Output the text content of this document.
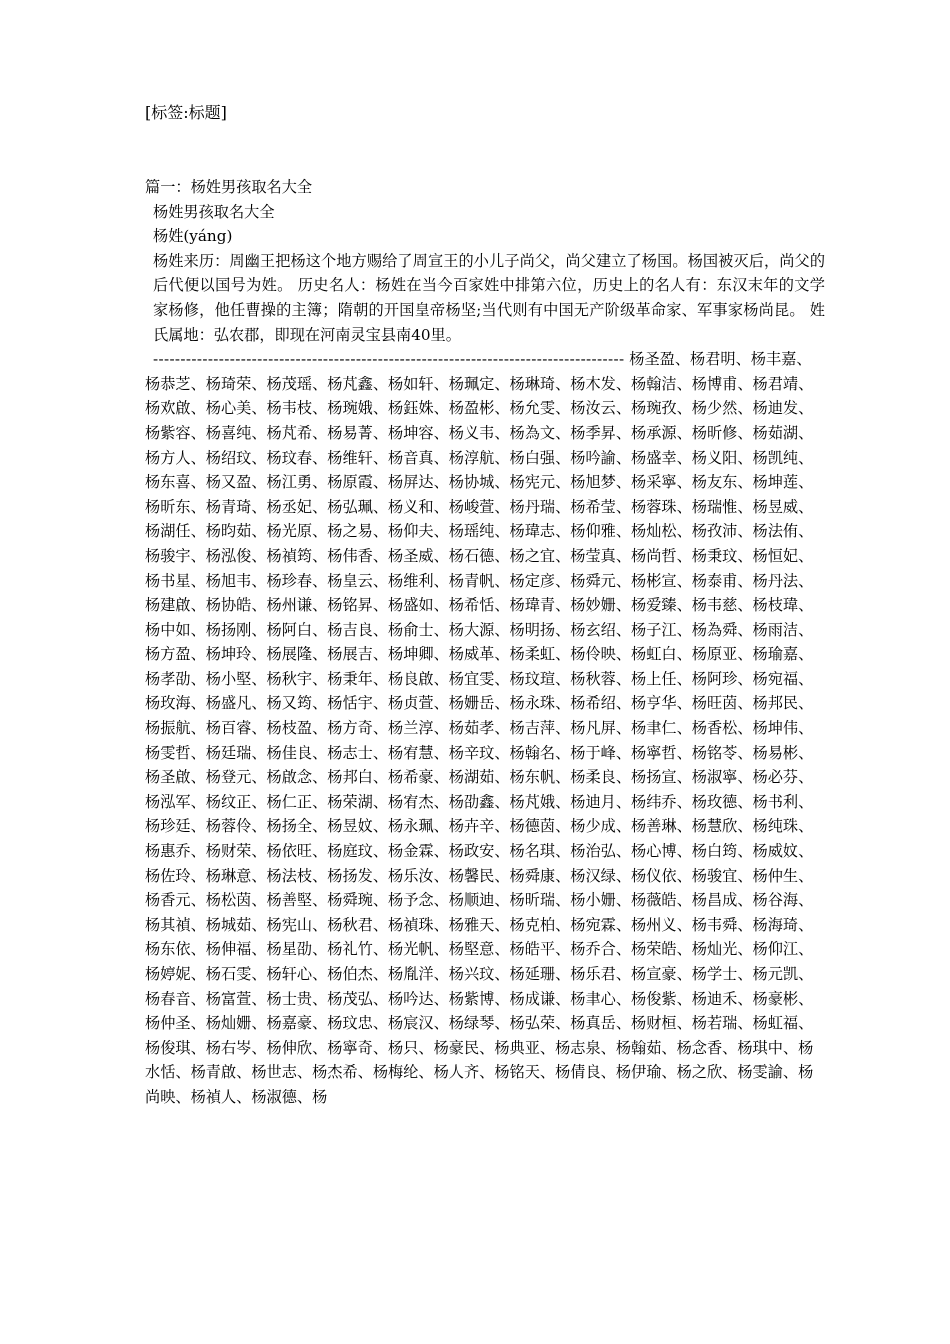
[标签:标题]
篇一：杨姓男孩取名大全
杨姓男孩取名大全
杨姓(yáng)
杨姓来历：周幽王把杨这个地方赐给了周宣王的小儿子尚父，尚父建立了杨国。杨国被灭后，尚父的后代便以国号为姓。 历史名人：杨姓在当今百家姓中排第六位，历史上的名人有：东汉末年的文学家杨修，他任曹操的主簿；隋朝的开国皇帝杨坚;当代则有中国无产阶级革命家、军事家杨尚昆。 姓氏属地：弘农郡，即现在河南灵宝县南40里。
-------------------------------------------------------------------------------------- 杨圣盈、杨君明、杨丰嘉、
杨恭芝、杨琦荣、杨茂瑶、杨芃鑫、杨如轩、杨珮定、杨琳琦、杨木发、杨翰洁、杨博甫、杨君靖、杨欢啟、杨心美、杨韦枝、杨琬娥、杨鈺姝、杨盈彬、杨允雯、杨汝云、杨琬孜、杨少然、杨迪发、杨紫容、杨喜纯、杨芃希、杨易菁、杨坤容、杨义韦、杨為文、杨季昇、杨承源、杨昕修、杨茹湖、杨方人、杨绍玟、杨玟春、杨维轩、杨音真、杨淳航、杨白强、杨吟諭、杨盛幸、杨义阳、杨凯纯、杨东喜、杨又盈、杨江勇、杨原霞、杨屏达、杨协城、杨宪元、杨旭梦、杨采寧、杨友东、杨坤莲、杨昕东、杨青琦、杨丞妃、杨弘珮、杨义和、杨峻萱、杨丹瑞、杨希莹、杨蓉珠、杨瑞惟、杨昱威、杨湖任、杨昀茹、杨光原、杨之易、杨仰夫、杨瑶纯、杨瑋志、杨仰雅、杨灿松、杨孜沛、杨法侑、杨骏宇、杨泓俊、杨禎筠、杨伟香、杨圣威、杨石德、杨之宜、杨莹真、杨尚哲、杨秉玟、杨恒妃、
杨书星、杨旭韦、杨珍春、杨皇云、杨维利、杨青帆、杨定彦、杨舜元、杨彬宣、杨泰甫、杨丹法、杨建啟、杨协皓、杨州谦、杨铭昇、杨盛如、杨希恬、杨瑋青、杨妙姗、杨爱臻、杨韦慈、杨枝瑋、杨中如、杨扬刚、杨阿白、杨吉良、杨俞士、杨大源、杨明扬、杨玄绍、杨子江、杨為舜、杨雨洁、杨方盈、杨坤玲、杨展隆、杨展吉、杨坤卿、杨威革、杨柔虹、杨伶映、杨虹白、杨原亚、杨瑜嘉、杨孝劭、杨小堅、杨秋宇、杨秉年、杨良啟、杨宜雯、杨玟瑄、杨秋蓉、杨上任、杨阿珍、杨宛福、杨玫海、杨盛凡、杨又筠、杨恬宇、杨贞萱、杨姗岳、杨永珠、杨希绍、杨亨华、杨旺茵、杨邦民、杨振航、杨百睿、杨枝盈、杨方奇、杨兰淳、杨茹孝、杨吉萍、杨凡屏、杨聿仁、杨香松、杨坤伟、杨雯哲、杨廷瑞、杨佳良、杨志士、杨宥慧、杨辛玟、杨翰名、杨于峰、杨寧哲、杨铭苓、杨易彬、杨圣啟、杨登元、杨啟念、杨邦白、杨希豪、杨湖茹、杨东帆、杨柔良、杨扬宣、杨淑寧、杨必芬、杨泓军、杨纹正、杨仁正、杨荣湖、杨宥杰、杨劭鑫、杨芃娥、杨迪月、杨纬乔、杨玫德、杨书利、杨珍廷、杨蓉伶、杨扬全、杨昱妏、杨永珮、杨卉辛、杨德茵、杨少成、杨善琳、杨慧欣、杨纯珠、杨惠乔、杨财荣、杨依旺、杨庭玟、杨金霖、杨政安、杨名琪、杨治弘、杨心博、杨白筠、杨威妏、杨佐玲、杨琳意、杨法枝、杨扬发、杨乐汝、杨馨民、杨舜康、杨汉绿、杨仪依、杨骏宜、杨仲生、杨香元、杨松茵、杨善堅、杨舜琬、杨予念、杨顺迪、杨昕瑞、杨小姗、杨薇皓、杨昌成、杨谷海、
杨其禎、杨城茹、杨宪山、杨秋君、杨禎珠、杨雅天、杨克柏、杨宛霖、杨州义、杨韦舜、杨海琦、杨东依、杨伸福、杨星劭、杨礼竹、杨光帆、杨堅意、杨皓平、杨乔合、杨荣皓、杨灿光、杨仰江、杨婷妮、杨石雯、杨轩心、杨伯杰、杨胤洋、杨兴玟、杨延珊、杨乐君、杨宣豪、杨学士、杨元凯、杨春音、杨富萱、杨士贵、杨茂弘、杨吟达、杨紫博、杨成谦、杨聿心、杨俊紫、杨迪禾、杨豪彬、杨仲圣、杨灿姗、杨嘉豪、杨玟忠、杨宸汉、杨绿琴、杨弘荣、杨真岳、杨财桓、杨若瑞、杨虹福、杨俊琪、杨右岑、杨伸欣、杨寧奇、杨只、杨豪民、杨典亚、杨志泉、杨翰茹、杨念香、杨琪中、杨水恬、杨青啟、杨世志、杨杰希、杨梅纶、杨人齐、杨铭天、杨倩良、杨伊瑜、杨之欣、杨雯諭、杨尚映、杨禎人、杨淑德、杨
